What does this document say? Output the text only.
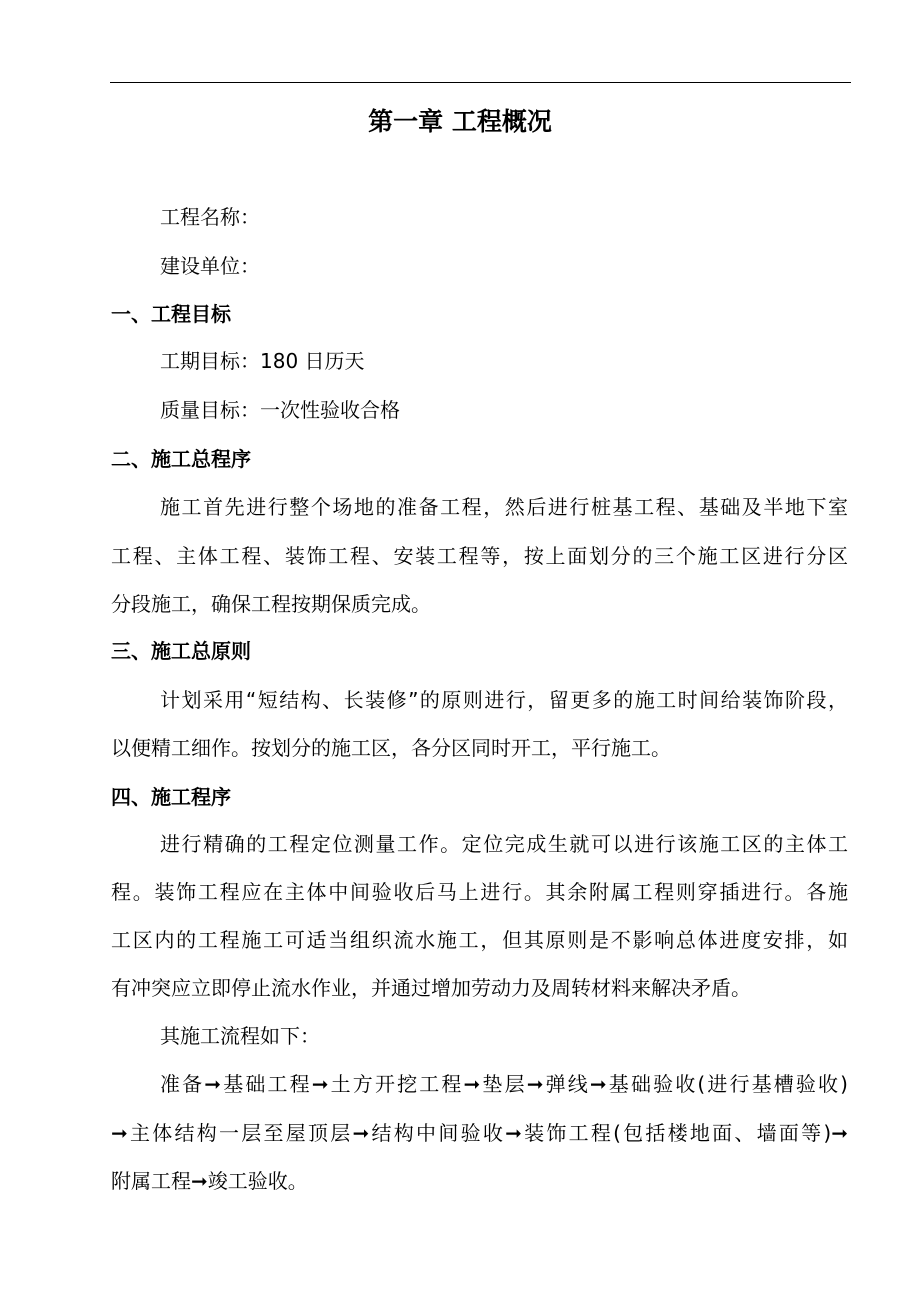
第一章 工程概况

工程名称：

建设单位：

一、工程目标

工期目标：180 日历天

质量目标：一次性验收合格

二、施工总程序

施工首先进行整个场地的准备工程，然后进行桩基工程、基础及半地下室

工程、主体工程、装饰工程、安装工程等，按上面划分的三个施工区进行分区

分段施工，确保工程按期保质完成。

三、施工总原则

计划采用“短结构、长装修”的原则进行，留更多的施工时间给装饰阶段，

以便精工细作。按划分的施工区，各分区同时开工，平行施工。

四、施工程序

进行精确的工程定位测量工作。定位完成生就可以进行该施工区的主体工

程。装饰工程应在主体中间验收后马上进行。其余附属工程则穿插进行。各施

工区内的工程施工可适当组织流水施工，但其原则是不影响总体进度安排，如

有冲突应立即停止流水作业，并通过增加劳动力及周转材料来解决矛盾。

其施工流程如下：

准备➞基础工程➞土方开挖工程➞垫层➞弹线➞基础验收(进行基槽验收)

➞主体结构一层至屋顶层➞结构中间验收➞装饰工程(包括楼地面、墙面等)➞

附属工程➞竣工验收。
